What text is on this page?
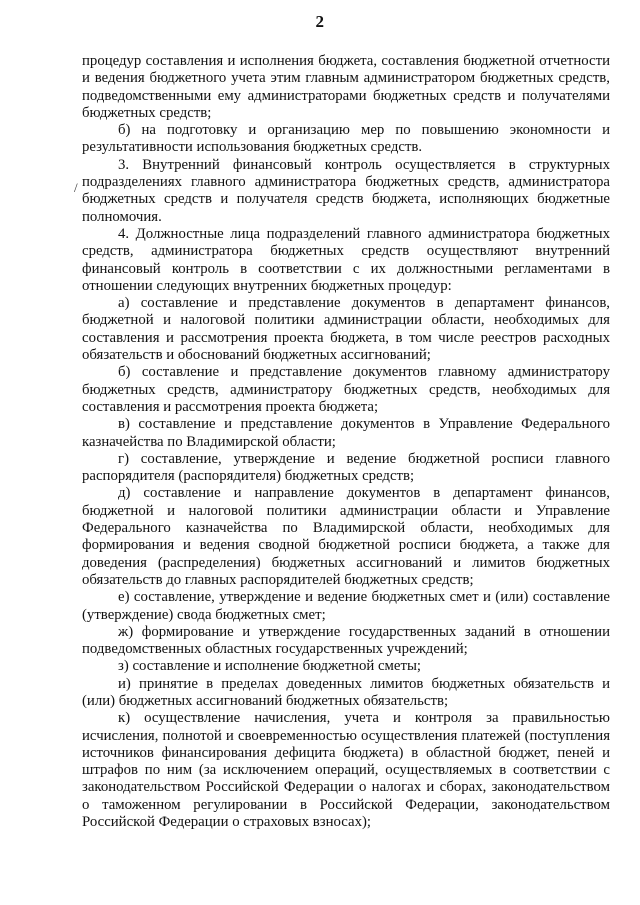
2
/

процедур составления и исполнения бюджета, составления бюджетной отчетности и ведения бюджетного учета этим главным администратором бюджетных средств, подведомственными ему администраторами бюджетных средств и получателями бюджетных средств;

б) на подготовку и организацию мер по повышению экономности и результативности использования бюджетных средств.

3. Внутренний финансовый контроль осуществляется в структурных подразделениях главного администратора бюджетных средств, администратора бюджетных средств и получателя средств бюджета, исполняющих бюджетные полномочия.

4. Должностные лица подразделений главного администратора бюджетных средств, администратора бюджетных средств осуществляют внутренний финансовый контроль в соответствии с их должностными регламентами в отношении следующих внутренних бюджетных процедур:

а) составление и представление документов в департамент финансов, бюджетной и налоговой политики администрации области, необходимых для составления и рассмотрения проекта бюджета, в том числе реестров расходных обязательств и обоснований бюджетных ассигнований;

б) составление и представление документов главному администратору бюджетных средств, администратору бюджетных средств, необходимых для составления и рассмотрения проекта бюджета;

в) составление и представление документов в Управление Федерального казначейства по Владимирской области;

г) составление, утверждение и ведение бюджетной росписи главного распорядителя (распорядителя) бюджетных средств;

д) составление и направление документов в департамент финансов, бюджетной и налоговой политики администрации области и Управление Федерального казначейства по Владимирской области, необходимых для формирования и ведения сводной бюджетной росписи бюджета, а также для доведения (распределения) бюджетных ассигнований и лимитов бюджетных обязательств до главных распорядителей бюджетных средств;

е) составление, утверждение и ведение бюджетных смет и (или) составление (утверждение) свода бюджетных смет;

ж) формирование и утверждение государственных заданий в отношении подведомственных областных государственных учреждений;

з) составление и исполнение бюджетной сметы;

и) принятие в пределах доведенных лимитов бюджетных обязательств и (или) бюджетных ассигнований бюджетных обязательств;

к) осуществление начисления, учета и контроля за правильностью исчисления, полнотой и своевременностью осуществления платежей (поступления источников финансирования дефицита бюджета) в областной бюджет, пеней и штрафов по ним (за исключением операций, осуществляемых в соответствии с законодательством Российской Федерации о налогах и сборах, законодательством о таможенном регулировании в Российской Федерации, законодательством Российской Федерации о страховых взносах);
